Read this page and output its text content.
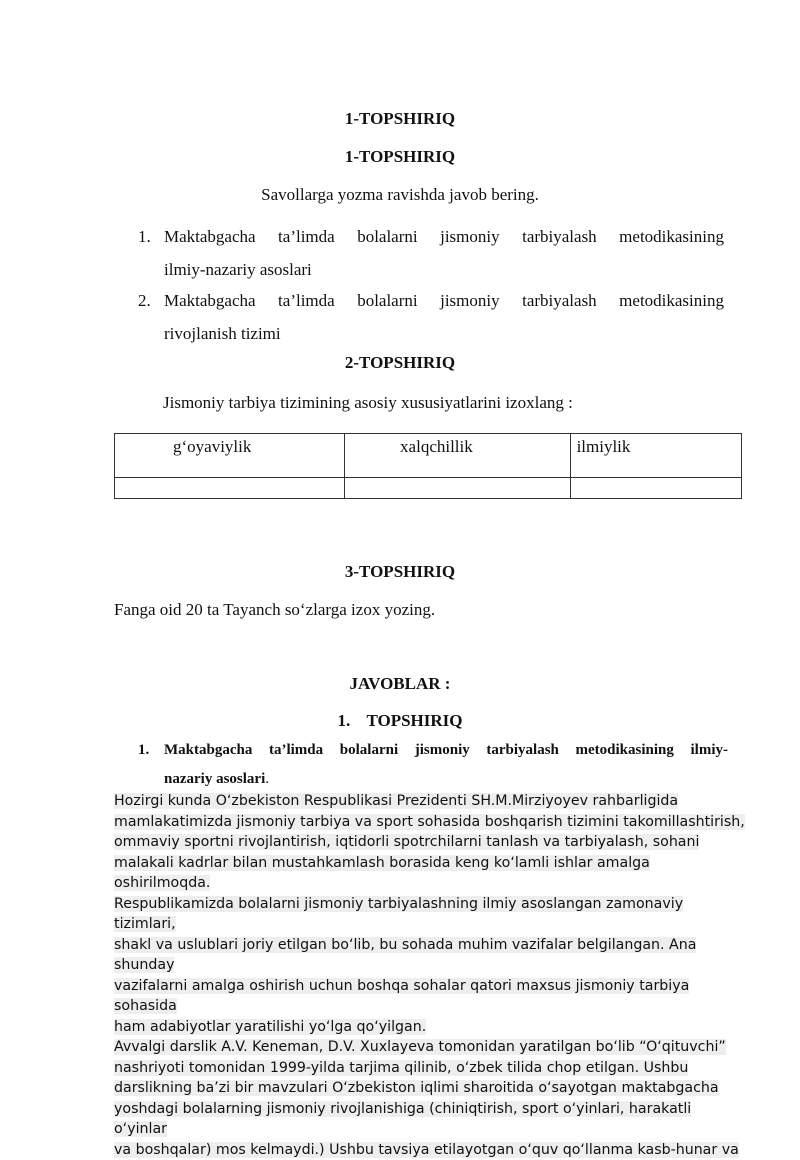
1-TOPSHIRIQ
1-TOPSHIRIQ
Savollarga yozma ravishda javob bering.
1. Maktabgacha ta’limda bolalarni jismoniy tarbiyalash metodikasining
ilmiy-nazariy asoslari
2. Maktabgacha ta’limda bolalarni jismoniy tarbiyalash metodikasining
rivojlanish tizimi
2-TOPSHIRIQ
Jismoniy tarbiya tizimining asosiy xususiyatlarini izoxlang :
g‘oyaviylik	xalqchillik	ilmiylik

3-TOPSHIRIQ
Fanga oid 20 ta Tayanch so‘zlarga izox yozing.
JAVOBLAR :
1. TOPSHIRIQ
1. Maktabgacha ta’limda bolalarni jismoniy tarbiyalash metodikasining ilmiy-
nazariy asoslari.
Hozirgi kunda O‘zbekiston Respublikasi Prezidenti SH.M.Mirziyoyev rahbarligida
mamlakatimizda jismoniy tarbiya va sport sohasida boshqarish tizimini takomillashtirish,
ommaviy sportni rivojlantirish, iqtidorli spotrchilarni tanlash va tarbiyalash, sohani
malakali kadrlar bilan mustahkamlash borasida keng ko‘lamli ishlar amalga oshirilmoqda.
Respublikamizda bolalarni jismoniy tarbiyalashning ilmiy asoslangan zamonaviy tizimlari,
shakl va uslublari joriy etilgan bo‘lib, bu sohada muhim vazifalar belgilangan. Ana shunday
vazifalarni amalga oshirish uchun boshqa sohalar qatori maxsus jismoniy tarbiya sohasida
ham adabiyotlar yaratilishi yo‘lga qo‘yilgan.
Avvalgi darslik A.V. Keneman, D.V. Xuxlayeva tomonidan yaratilgan bo‘lib “O‘qituvchi”
nashriyoti tomonidan 1999-yilda tarjima qilinib, o‘zbek tilida chop etilgan. Ushbu
darslikning ba’zi bir mavzulari O‘zbekiston iqlimi sharoitida o‘sayotgan maktabgacha
yoshdagi bolalarning jismoniy rivojlanishiga (chiniqtirish, sport o‘yinlari, harakatli o‘yinlar
va boshqalar) mos kelmaydi.) Ushbu tavsiya etilayotgan o‘quv qo‘llanma kasb-hunar va
